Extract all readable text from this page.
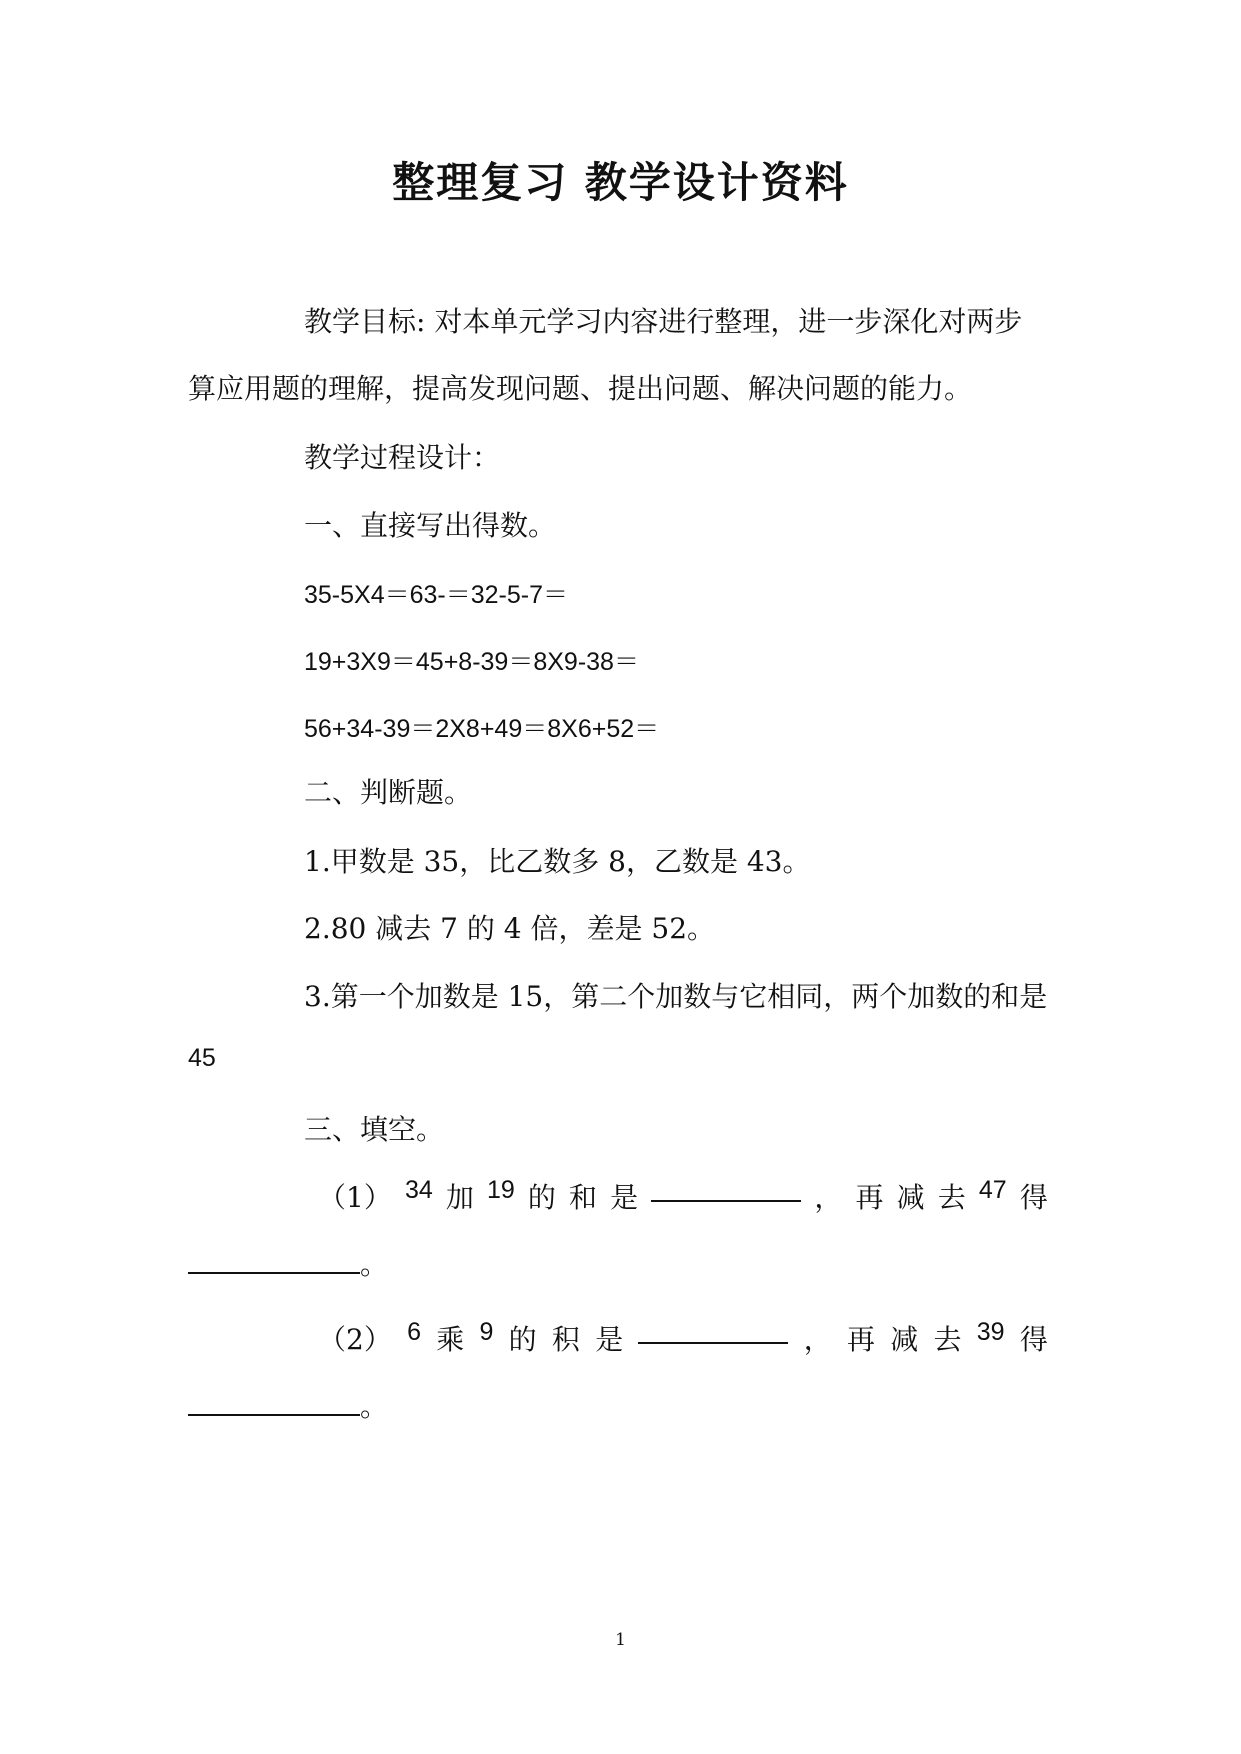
整理复习 教学设计资料
教学目标: 对本单元学习内容进行整理，进一步深化对两步
算应用题的理解，提高发现问题、提出问题、解决问题的能力。
教学过程设计：
一、直接写出得数。
35-5X4＝63-＝32-5-7＝
19+3X9＝45+8-39＝8X9-38＝
56+34-39＝2X8+49＝8X6+52＝
二、判断题。
1.甲数是 35，比乙数多 8，乙数是 43。
2.80 减去 7 的 4 倍，差是 52。
3.第一个加数是 15，第二个加数与它相同，两个加数的和是
45
三、填空。
（1） 34 加 19 的 和 是	， 再 减 去 47 得
。
（2） 6 乘 9 的 积 是	， 再 减 去 39 得
。
1
